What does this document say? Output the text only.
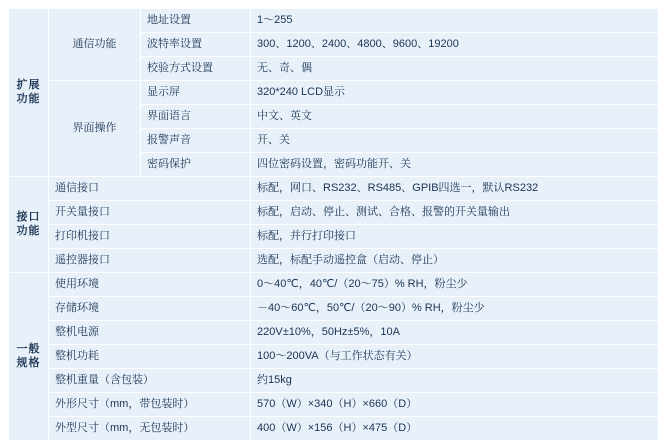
扩展功能	通信功能	地址设置	1～255
		波特率设置	300、1200、2400、4800、9600、19200
		校验方式设置	无、奇、偶
	界面操作	显示屏	320*240 LCD显示
		界面语言	中文、英文
		报警声音	开、关
		密码保护	四位密码设置，密码功能开、关

接口功能	通信接口		标配，网口、RS232、RS485、GPIB四选一，默认RS232
	开关量接口		标配，启动、停止、测试、合格、报警的开关量输出
	打印机接口		标配，并行打印接口
	遥控器接口		选配，标配手动遥控盒（启动、停止）

一般规格	使用环境		0～40℃，40℃/（20～75）% RH，粉尘少
	存储环境		－40～60℃，50℃/（20～90）% RH，粉尘少
	整机电源		220V±10%，50Hz±5%，10A
	整机功耗		100～200VA（与工作状态有关）
	整机重量（含包装）		约15kg
	外形尺寸（mm，带包装时）		570（W）×340（H）×660（D）
	外型尺寸（mm，无包装时）		400（W）×156（H）×475（D）
